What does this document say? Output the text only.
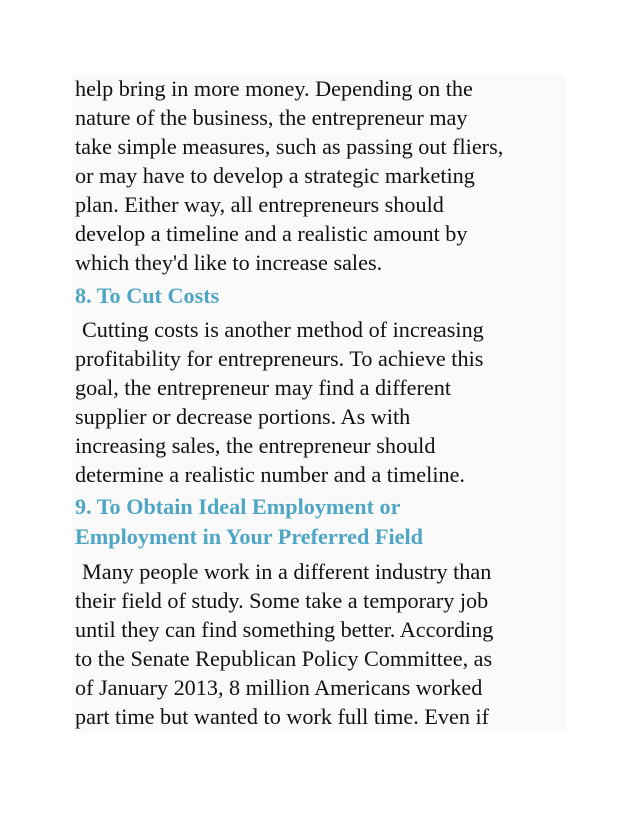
help bring in more money. Depending on the
nature of the business, the entrepreneur may
take simple measures, such as passing out fliers,
or may have to develop a strategic marketing
plan. Either way, all entrepreneurs should
develop a timeline and a realistic amount by
which they'd like to increase sales.
8. To Cut Costs
Cutting costs is another method of increasing
profitability for entrepreneurs. To achieve this
goal, the entrepreneur may find a different
supplier or decrease portions. As with
increasing sales, the entrepreneur should
determine a realistic number and a timeline.
9. To Obtain Ideal Employment or
Employment in Your Preferred Field
Many people work in a different industry than
their field of study. Some take a temporary job
until they can find something better. According
to the Senate Republican Policy Committee, as
of January 2013, 8 million Americans worked
part time but wanted to work full time. Even if
